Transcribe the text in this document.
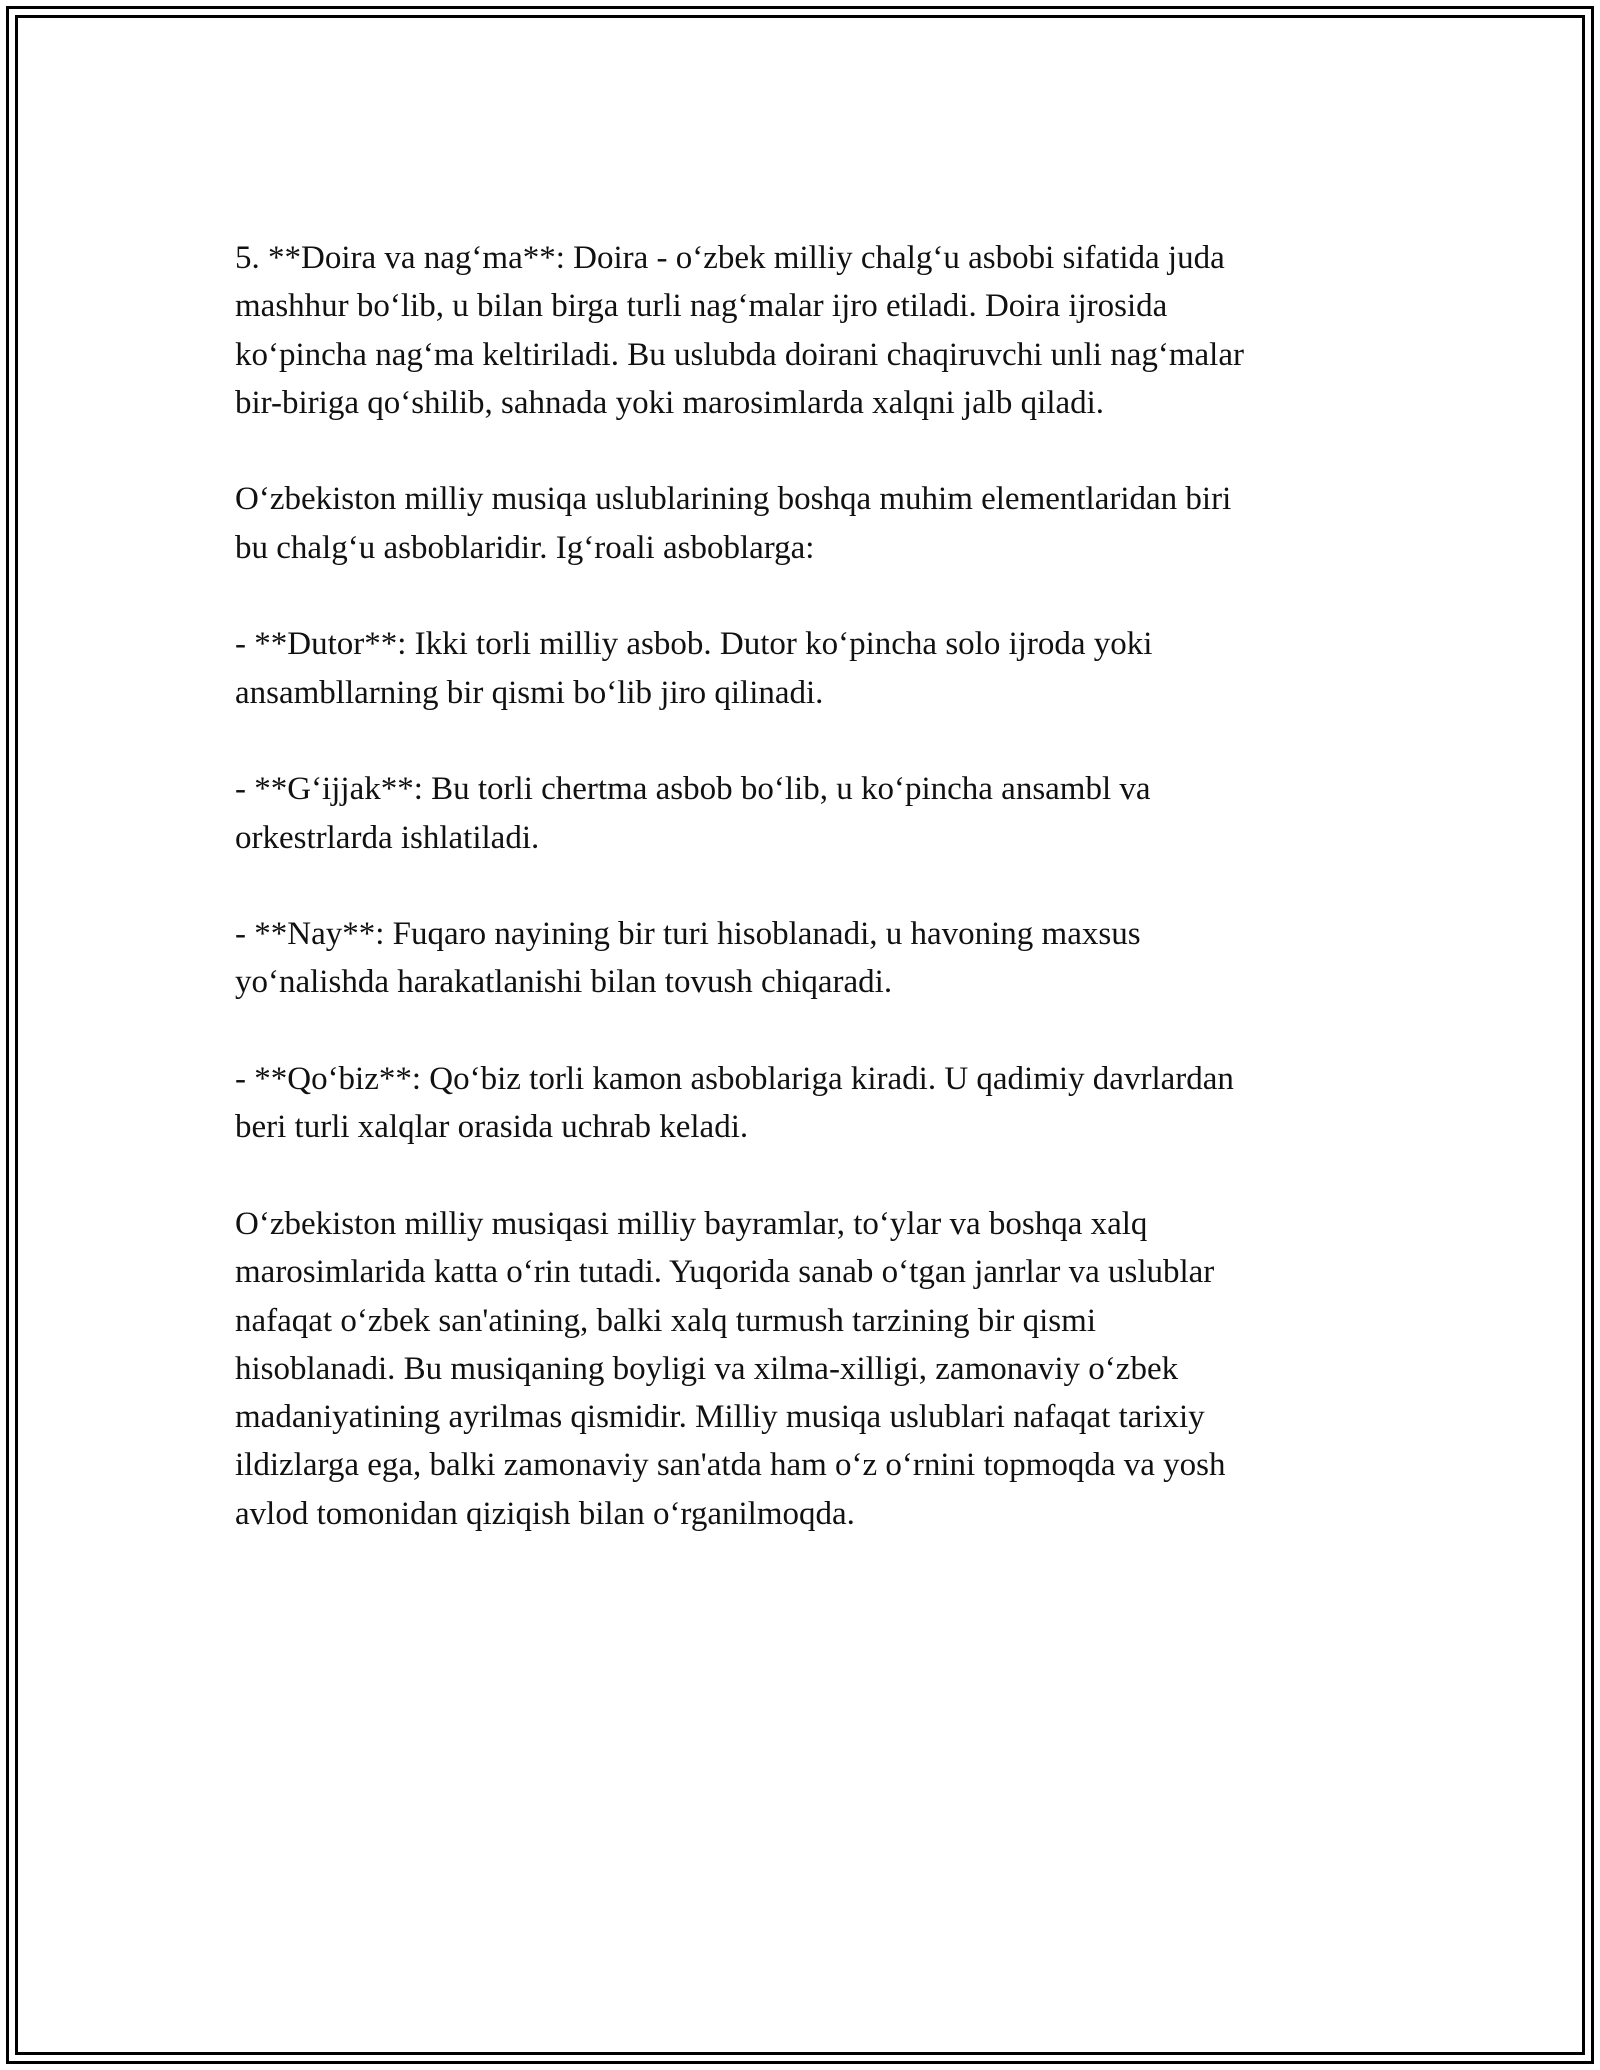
5. **Doira va nag‘ma**: Doira - o‘zbek milliy chalg‘u asbobi sifatida juda
mashhur bo‘lib, u bilan birga turli nag‘malar ijro etiladi. Doira ijrosida
ko‘pincha nag‘ma keltiriladi. Bu uslubda doirani chaqiruvchi unli nag‘malar
bir-biriga qo‘shilib, sahnada yoki marosimlarda xalqni jalb qiladi.

O‘zbekiston milliy musiqa uslublarining boshqa muhim elementlaridan biri
bu chalg‘u asboblaridir. Ig‘roali asboblarga:

- **Dutor**: Ikki torli milliy asbob. Dutor ko‘pincha solo ijroda yoki
ansambllarning bir qismi bo‘lib jiro qilinadi.

- **G‘ijjak**: Bu torli chertma asbob bo‘lib, u ko‘pincha ansambl va
orkestrlarda ishlatiladi.

- **Nay**: Fuqaro nayining bir turi hisoblanadi, u havoning maxsus
yo‘nalishda harakatlanishi bilan tovush chiqaradi.

- **Qo‘biz**: Qo‘biz torli kamon asboblariga kiradi. U qadimiy davrlardan
beri turli xalqlar orasida uchrab keladi.

O‘zbekiston milliy musiqasi milliy bayramlar, to‘ylar va boshqa xalq
marosimlarida katta o‘rin tutadi. Yuqorida sanab o‘tgan janrlar va uslublar
nafaqat o‘zbek san'atining, balki xalq turmush tarzining bir qismi
hisoblanadi. Bu musiqaning boyligi va xilma-xilligi, zamonaviy o‘zbek
madaniyatining ayrilmas qismidir. Milliy musiqa uslublari nafaqat tarixiy
ildizlarga ega, balki zamonaviy san'atda ham o‘z o‘rnini topmoqda va yosh
avlod tomonidan qiziqish bilan o‘rganilmoqda.
